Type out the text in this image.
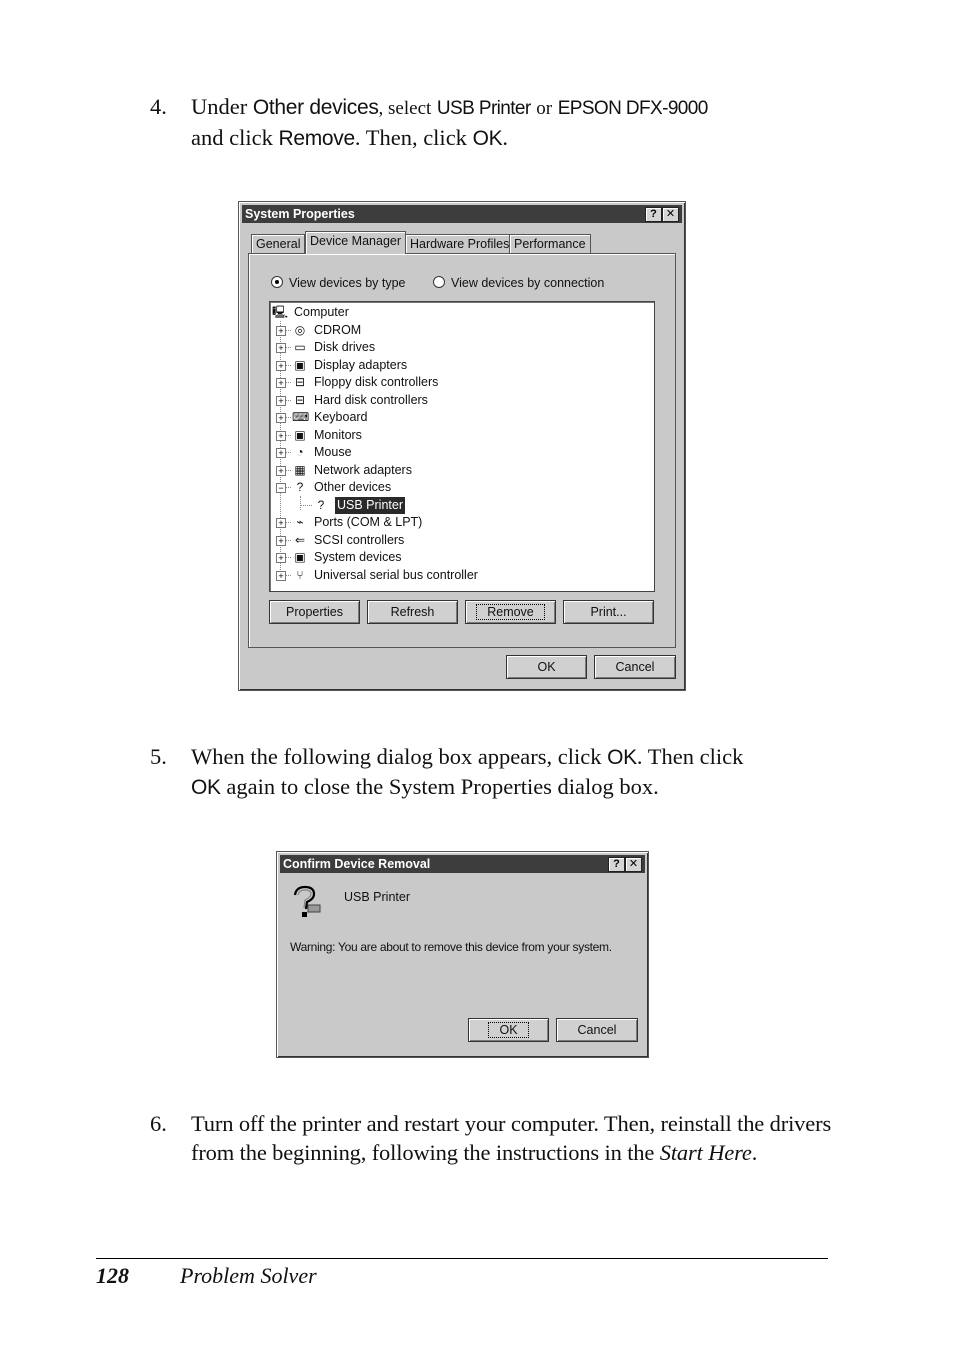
4. Under Other devices, select USB Printer or EPSON DFX-9000
and click Remove. Then, click OK.
System Properties	? ✕
General Device Manager Hardware Profiles Performance
View devices by type	View devices by connection
🖳 Computer
+ ◎ CDROM
+ ▭ Disk drives
+ ▣ Display adapters
+ ⊟ Floppy disk controllers
+ ⊟ Hard disk controllers
+ ⌨ Keyboard
+ ▣ Monitors
+	◔ Mouse
+ ▦ Network adapters
−	? Other devices
?	USB Printer
+	⌁ Ports (COM & LPT)
+ ⇐ SCSI controllers
+ ▣ System devices
+	⑂ Universal serial bus controller
Properties	Refresh	Remove	Print...
OK	Cancel
5. When the following dialog box appears, click OK. Then click
OK again to close the System Properties dialog box.
Confirm Device Removal	? ✕
USB Printer
Warning: You are about to remove this device from your system.
OK	Cancel
6. Turn off the printer and restart your computer. Then, reinstall the drivers from the beginning, following the instructions in the Start Here.
128 Problem Solver
